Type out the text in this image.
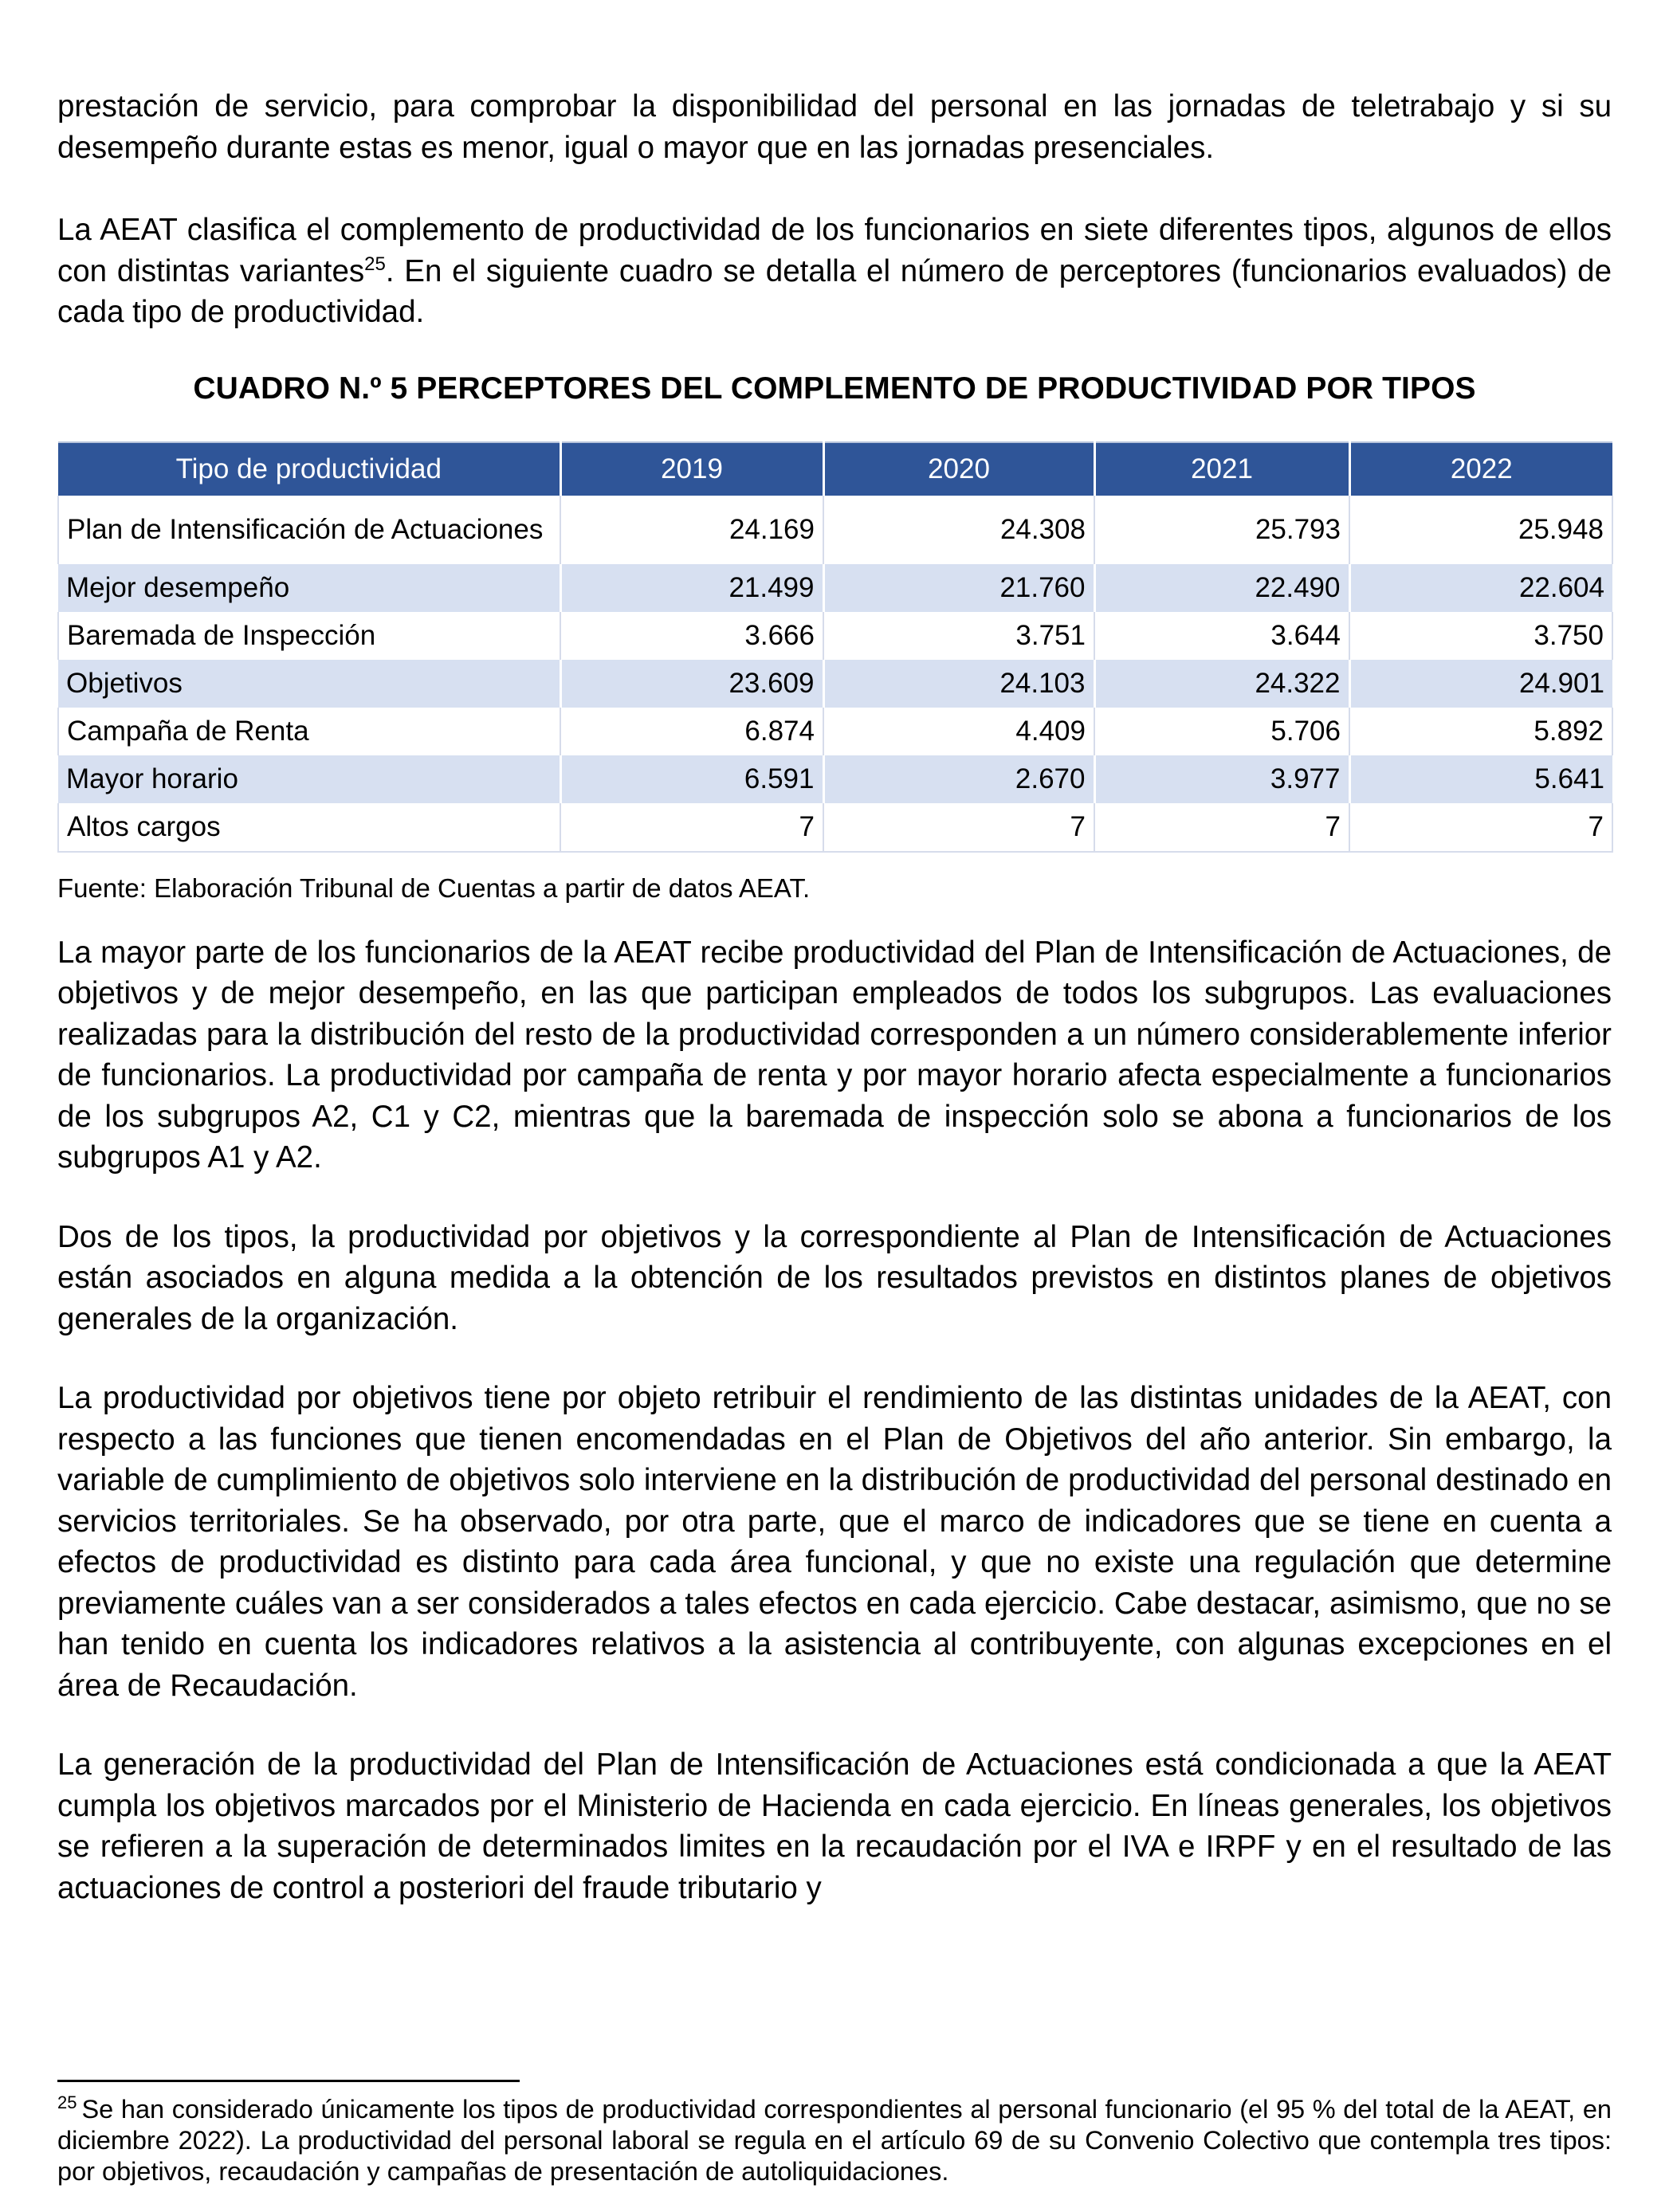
prestación de servicio, para comprobar la disponibilidad del personal en las jornadas de teletrabajo y si su desempeño durante estas es menor, igual o mayor que en las jornadas presenciales.

La AEAT clasifica el complemento de productividad de los funcionarios en siete diferentes tipos, algunos de ellos con distintas variantes$^{25}$. En el siguiente cuadro se detalla el número de perceptores (funcionarios evaluados) de cada tipo de productividad.

CUADRO N.º 5 PERCEPTORES DEL COMPLEMENTO DE PRODUCTIVIDAD POR TIPOS
Tipo de productividad	2019	2020	2021	2022
Plan de Intensificación de Actuaciones	24.169	24.308	25.793	25.948
Mejor desempeño	21.499	21.760	22.490	22.604
Baremada de Inspección	3.666	3.751	3.644	3.750
Objetivos	23.609	24.103	24.322	24.901
Campaña de Renta	6.874	4.409	5.706	5.892
Mayor horario	6.591	2.670	3.977	5.641
Altos cargos	7	7	7	7
Fuente: Elaboración Tribunal de Cuentas a partir de datos AEAT.

La mayor parte de los funcionarios de la AEAT recibe productividad del Plan de Intensificación de Actuaciones, de objetivos y de mejor desempeño, en las que participan empleados de todos los subgrupos. Las evaluaciones realizadas para la distribución del resto de la productividad corresponden a un número considerablemente inferior de funcionarios. La productividad por campaña de renta y por mayor horario afecta especialmente a funcionarios de los subgrupos A2, C1 y C2, mientras que la baremada de inspección solo se abona a funcionarios de los subgrupos A1 y A2.

Dos de los tipos, la productividad por objetivos y la correspondiente al Plan de Intensificación de Actuaciones están asociados en alguna medida a la obtención de los resultados previstos en distintos planes de objetivos generales de la organización.

La productividad por objetivos tiene por objeto retribuir el rendimiento de las distintas unidades de la AEAT, con respecto a las funciones que tienen encomendadas en el Plan de Objetivos del año anterior. Sin embargo, la variable de cumplimiento de objetivos solo interviene en la distribución de productividad del personal destinado en servicios territoriales. Se ha observado, por otra parte, que el marco de indicadores que se tiene en cuenta a efectos de productividad es distinto para cada área funcional, y que no existe una regulación que determine previamente cuáles van a ser considerados a tales efectos en cada ejercicio. Cabe destacar, asimismo, que no se han tenido en cuenta los indicadores relativos a la asistencia al contribuyente, con algunas excepciones en el área de Recaudación.

La generación de la productividad del Plan de Intensificación de Actuaciones está condicionada a que la AEAT cumpla los objetivos marcados por el Ministerio de Hacienda en cada ejercicio. En líneas generales, los objetivos se refieren a la superación de determinados limites en la recaudación por el IVA e IRPF y en el resultado de las actuaciones de control a posteriori del fraude tributario y

$^{25}$ Se han considerado únicamente los tipos de productividad correspondientes al personal funcionario (el 95 % del total de la AEAT, en diciembre 2022). La productividad del personal laboral se regula en el artículo 69 de su Convenio Colectivo que contempla tres tipos: por objetivos, recaudación y campañas de presentación de autoliquidaciones.
